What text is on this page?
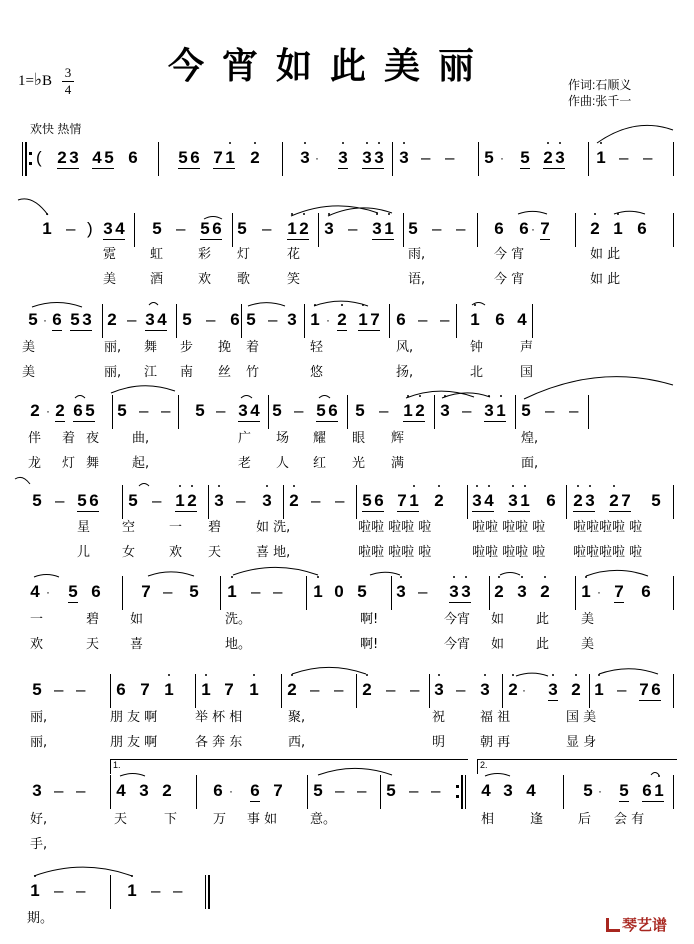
今宵如此美丽
1=♭B
3
4	作词:石顺义
作曲:张千一
欢快 热情
( 2 3 4 5 6 5 6 7 1 2 3 · 3 3 3 3 – – 5 · 5 2 3 1 – –
1 – ) 3 4 5 – 5 6 5 – 1 2 3 – 3 1 5 – – 6 6 · 7 2 1 6
霓	虹	彩 灯	花	雨,	今 宵	如 此
美	酒	欢 歌	笑	语,	今 宵	如 此
5 · 6 5 3 2 – 3 4 5 – 6 5 – 3 1 · 2 1 7 6 – – 1 6 4
美	丽, 舞 步 挽 着	轻	风,	钟	声
美	丽, 江 南 丝 竹	悠	扬,	北	国
2 · 2 6 5 5 – – 5 – 3 4 5 – 5 6 5 – 1 2 3 – 3 1 5 – –
伴 着 夜	曲,	广 场 耀 眼 辉	煌,
龙 灯 舞	起,	老 人 红 光 满	面,
5 – 5 6 5 – 1 2 3 – 3 2 – – 5 6 7 1 2 3 4 3 1 6 2 3 2 7 5
星 空	一 碧	如 洗,	啦啦 啦啦 啦	啦啦 啦啦 啦 啦啦啦啦 啦
儿 女	欢 天	喜 地,	啦啦 啦啦 啦	啦啦 啦啦 啦 啦啦啦啦 啦
4 · 5 6 7 – 5 1 – – 1 0 5 3 – 3 3 2 3 2 1 · 7 6
一	碧 如	洗。	啊!	今宵 如 此 美
欢	天 喜	地。	啊!	今宵 如 此 美
5 – – 6 7 1 1 7 1 2 – – 2 – – 3 – 3 2 · 3 2 1 – 7 6
丽,	朋 友 啊	举 杯 相	聚,	祝	福 祖	国 美
丽,	朋 友 啊	各 奔 东	西,	明	朝 再	显 身
3 – – 4 3 2 6 · 6 7 5 – – 5 – – 4 3 4	5 · 5 6 1
好,	天	下	万 事 如	意。	相	逢	后 会 有
手,
1.	2.
1 – – 1 – –
期。	琴艺谱
